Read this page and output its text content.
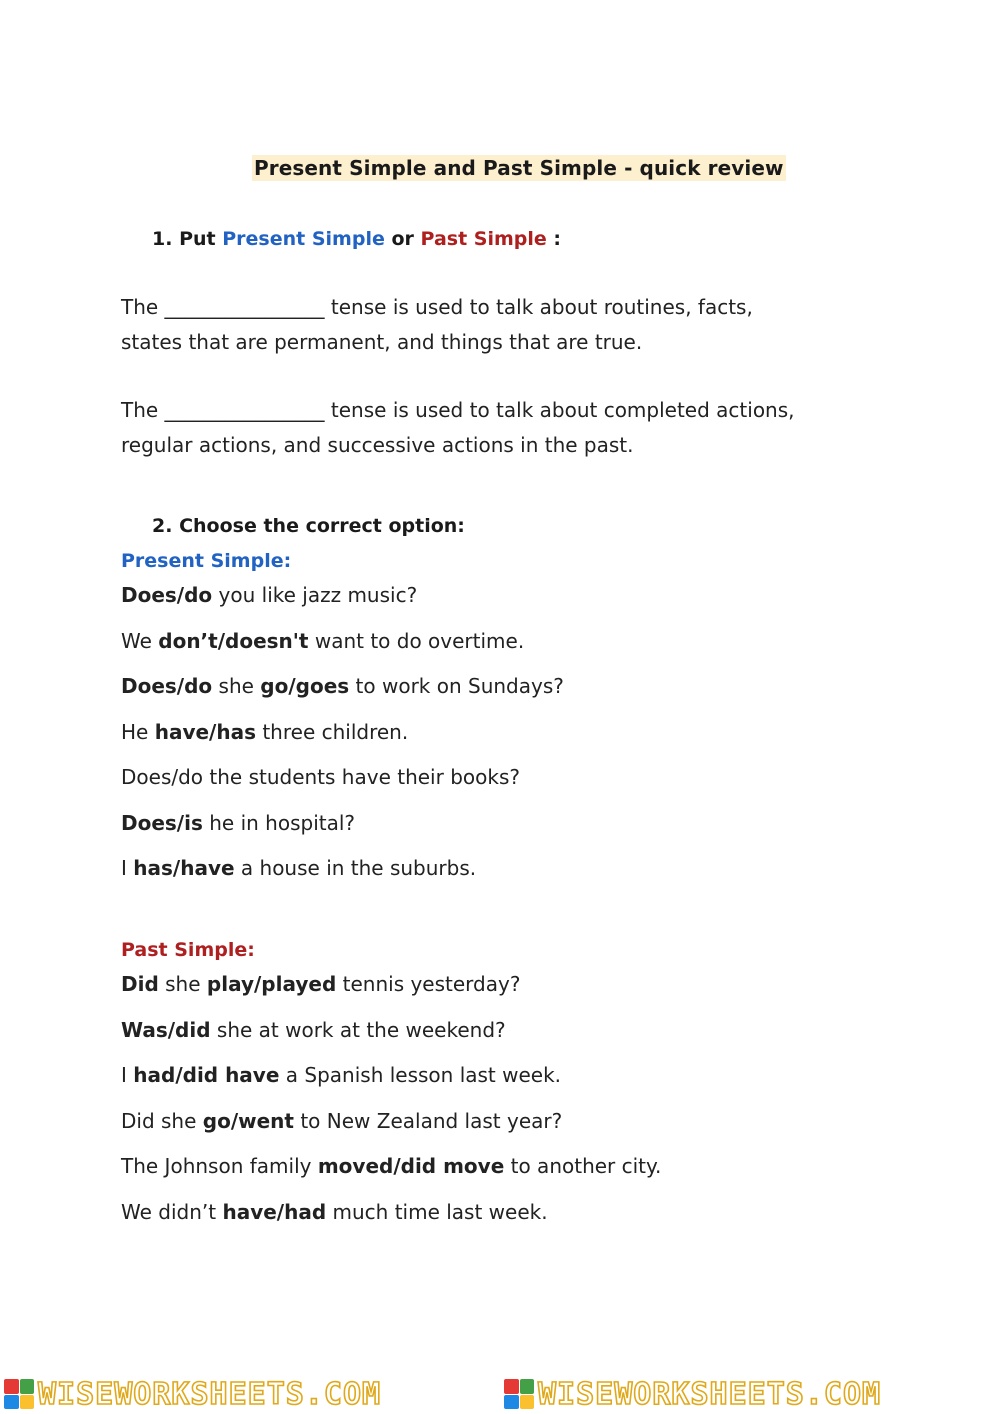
Present Simple and Past Simple - quick review
1. Put Present Simple or Past Simple :
The ________________ tense is used to talk about routines, facts,
states that are permanent, and things that are true.
The ________________ tense is used to talk about completed actions,
regular actions, and successive actions in the past.
2. Choose the correct option:
Present Simple:
Does/do you like jazz music?
We don’t/doesn't want to do overtime.
Does/do she go/goes to work on Sundays?
He have/has three children.
Does/do the students have their books?
Does/is he in hospital?
I has/have a house in the suburbs.
Past Simple:
Did she play/played tennis yesterday?
Was/did she at work at the weekend?
I had/did have a Spanish lesson last week.
Did she go/went to New Zealand last year?
The Johnson family moved/did move to another city.
We didn’t have/had much time last week.
WISEWORKSHEETS.COM	WISEWORKSHEETS.COM
